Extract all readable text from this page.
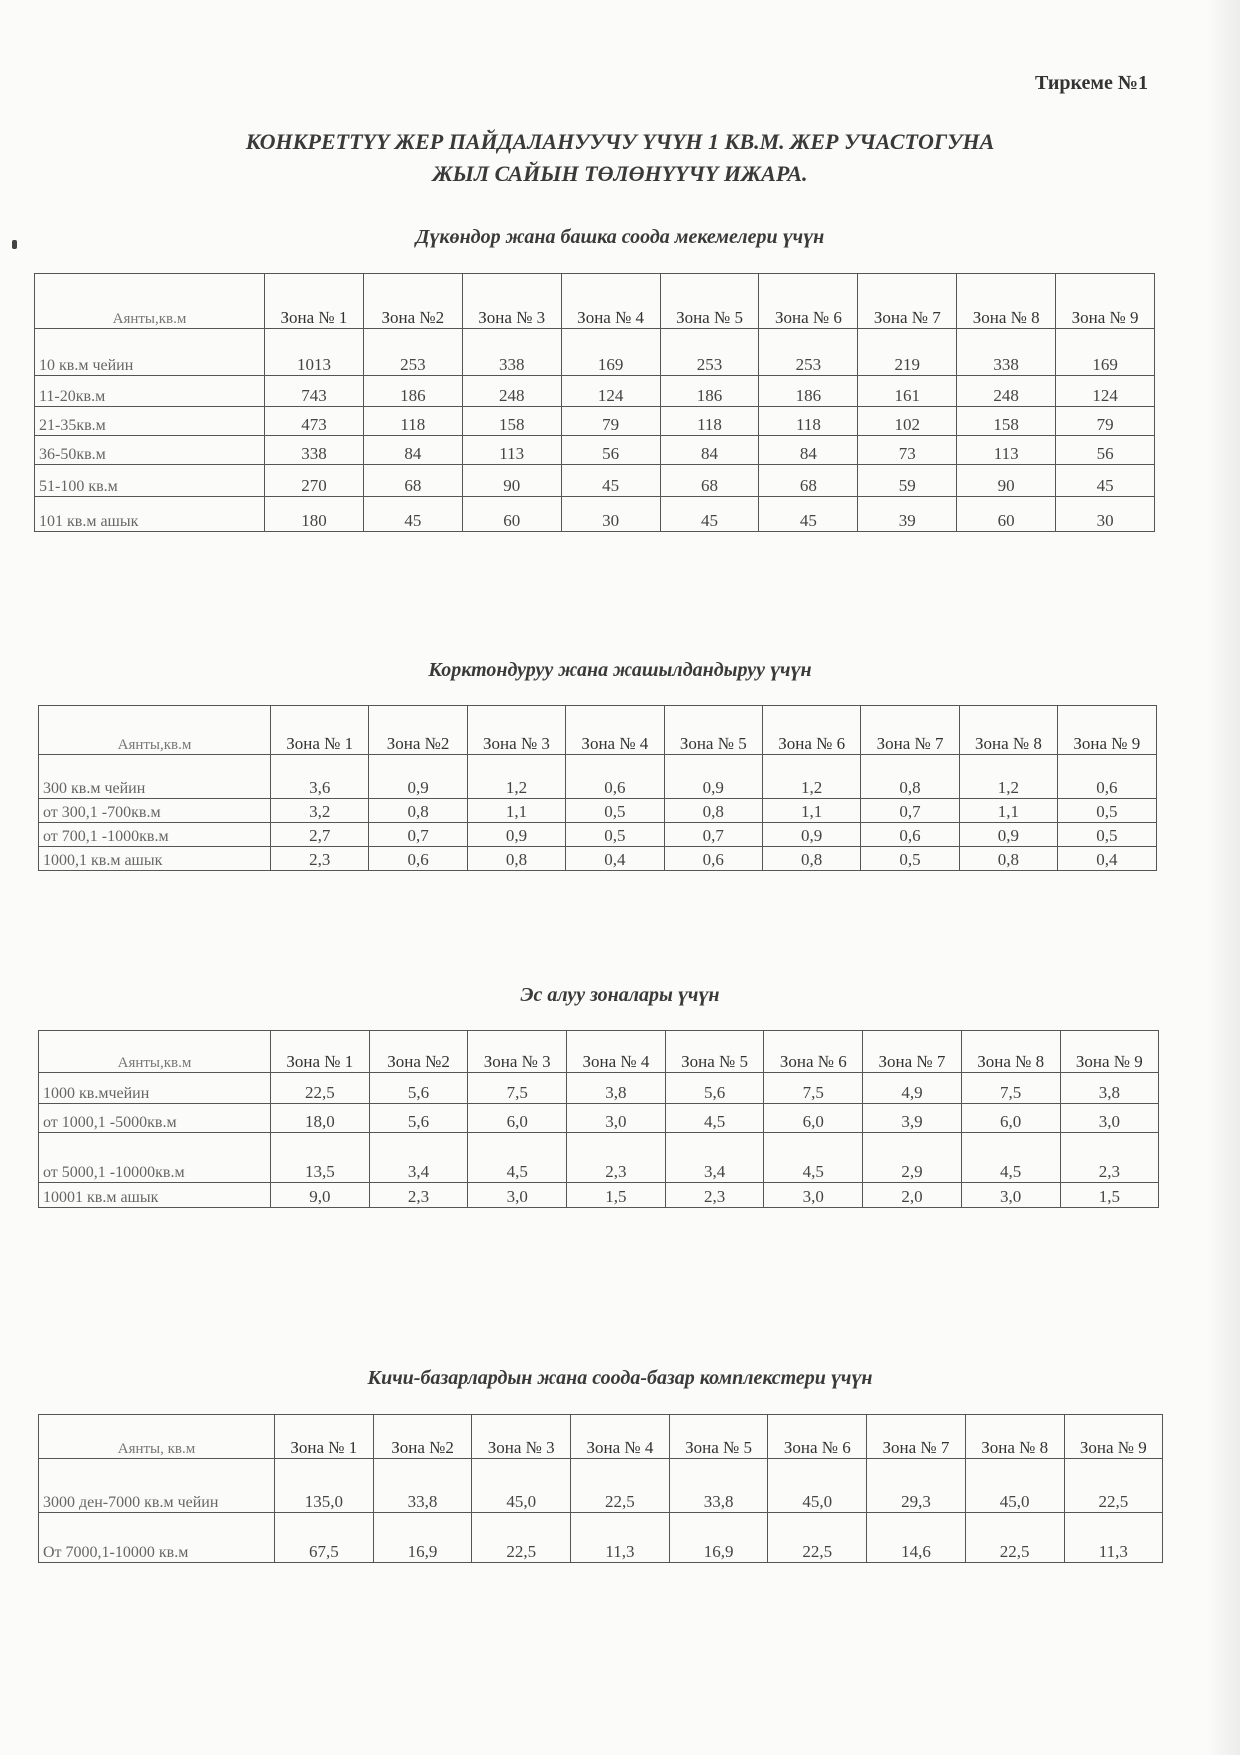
Тиркеме №1
КОНКРЕТТҮҮ ЖЕР ПАЙДАЛАНУУЧУ ҮЧҮН 1 КВ.М. ЖЕР УЧАСТОГУНА
ЖЫЛ САЙЫН ТӨЛӨНҮҮЧҮ ИЖАРА.
Дүкөндор жана башка соода мекемелери үчүн
Аянты,кв.м	Зона № 1	Зона №2	Зона № 3	Зона № 4	Зона № 5	Зона № 6	Зона № 7	Зона № 8	Зона № 9
10 кв.м чейин	1013	253	338	169	253	253	219	338	169
11-20кв.м	743	186	248	124	186	186	161	248	124
21-35кв.м	473	118	158	79	118	118	102	158	79
36-50кв.м	338	84	113	56	84	84	73	113	56
51-100 кв.м	270	68	90	45	68	68	59	90	45
101 кв.м ашык	180	45	60	30	45	45	39	60	30
Корктондуруу жана жашылдандыруу үчүн
Аянты,кв.м	Зона № 1	Зона №2	Зона № 3	Зона № 4	Зона № 5	Зона № 6	Зона № 7	Зона № 8	Зона № 9
300 кв.м чейин	3,6	0,9	1,2	0,6	0,9	1,2	0,8	1,2	0,6
от 300,1 -700кв.м	3,2	0,8	1,1	0,5	0,8	1,1	0,7	1,1	0,5
от 700,1 -1000кв.м	2,7	0,7	0,9	0,5	0,7	0,9	0,6	0,9	0,5
1000,1 кв.м ашык	2,3	0,6	0,8	0,4	0,6	0,8	0,5	0,8	0,4
Эс алуу зоналары үчүн
Аянты,кв.м	Зона № 1	Зона №2	Зона № 3	Зона № 4	Зона № 5	Зона № 6	Зона № 7	Зона № 8	Зона № 9
1000 кв.мчейин	22,5	5,6	7,5	3,8	5,6	7,5	4,9	7,5	3,8
от 1000,1 -5000кв.м	18,0	5,6	6,0	3,0	4,5	6,0	3,9	6,0	3,0
от 5000,1 -10000кв.м	13,5	3,4	4,5	2,3	3,4	4,5	2,9	4,5	2,3
10001 кв.м ашык	9,0	2,3	3,0	1,5	2,3	3,0	2,0	3,0	1,5
Кичи-базарлардын жана соода-базар комплекстери үчүн
Аянты, кв.м	Зона № 1	Зона №2	Зона № 3	Зона № 4	Зона № 5	Зона № 6	Зона № 7	Зона № 8	Зона № 9
3000 ден-7000 кв.м чейин	135,0	33,8	45,0	22,5	33,8	45,0	29,3	45,0	22,5
От 7000,1-10000 кв.м	67,5	16,9	22,5	11,3	16,9	22,5	14,6	22,5	11,3
